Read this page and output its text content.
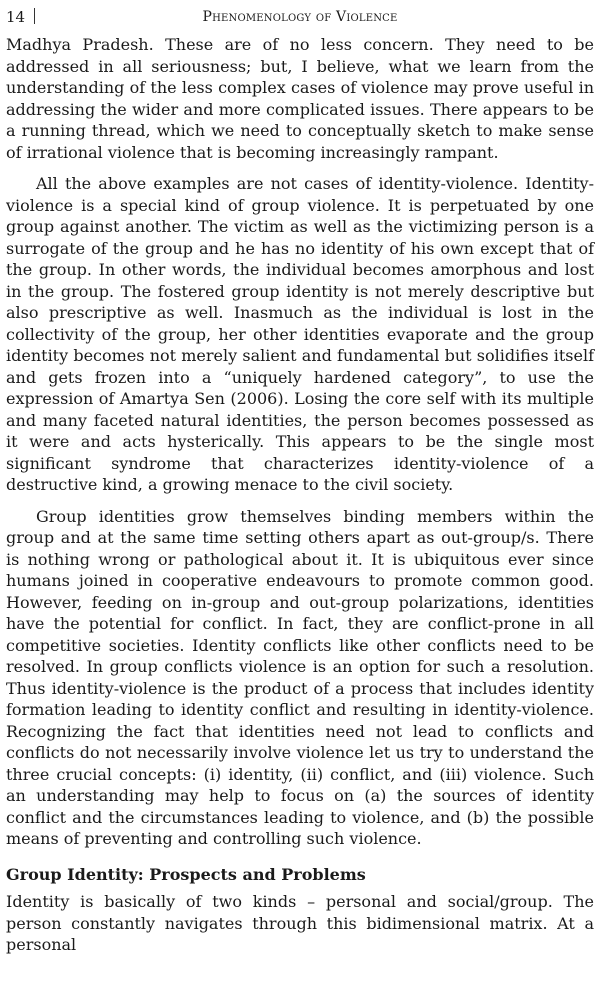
14	Phenomenology of Violence

Madhya Pradesh. These are of no less concern. They need to be addressed in all seriousness; but, I believe, what we learn from the understanding of the less complex cases of violence may prove useful in addressing the wider and more complicated issues. There appears to be a running thread, which we need to conceptually sketch to make sense of irrational violence that is becoming increasingly rampant.

All the above examples are not cases of identity-violence. Identity-violence is a special kind of group violence. It is perpetuated by one group against another. The victim as well as the victimizing person is a surrogate of the group and he has no identity of his own except that of the group. In other words, the individual becomes amorphous and lost in the group. The fostered group identity is not merely descriptive but also prescriptive as well. Inasmuch as the individual is lost in the collectivity of the group, her other identities evaporate and the group identity becomes not merely salient and fundamental but solidifies itself and gets frozen into a “uniquely hardened category”, to use the expression of Amartya Sen (2006). Losing the core self with its multiple and many faceted natural identities, the person becomes possessed as it were and acts hysterically. This appears to be the single most significant syndrome that characterizes identity-violence of a destructive kind, a growing menace to the civil society.

Group identities grow themselves binding members within the group and at the same time setting others apart as out-group/s. There is nothing wrong or pathological about it. It is ubiquitous ever since humans joined in cooperative endeavours to promote common good. However, feeding on in-group and out-group polarizations, identities have the potential for conflict. In fact, they are conflict-prone in all competitive societies. Identity conflicts like other conflicts need to be resolved. In group conflicts violence is an option for such a resolution. Thus identity-violence is the product of a process that includes identity formation leading to identity conflict and resulting in identity-violence. Recognizing the fact that identities need not lead to conflicts and conflicts do not necessarily involve violence let us try to understand the three crucial concepts: (i) identity, (ii) conflict, and (iii) violence. Such an understanding may help to focus on (a) the sources of identity conflict and the circumstances leading to violence, and (b) the possible means of preventing and controlling such violence.

Group Identity: Prospects and Problems

Identity is basically of two kinds – personal and social/group. The person constantly navigates through this bidimensional matrix. At a personal
